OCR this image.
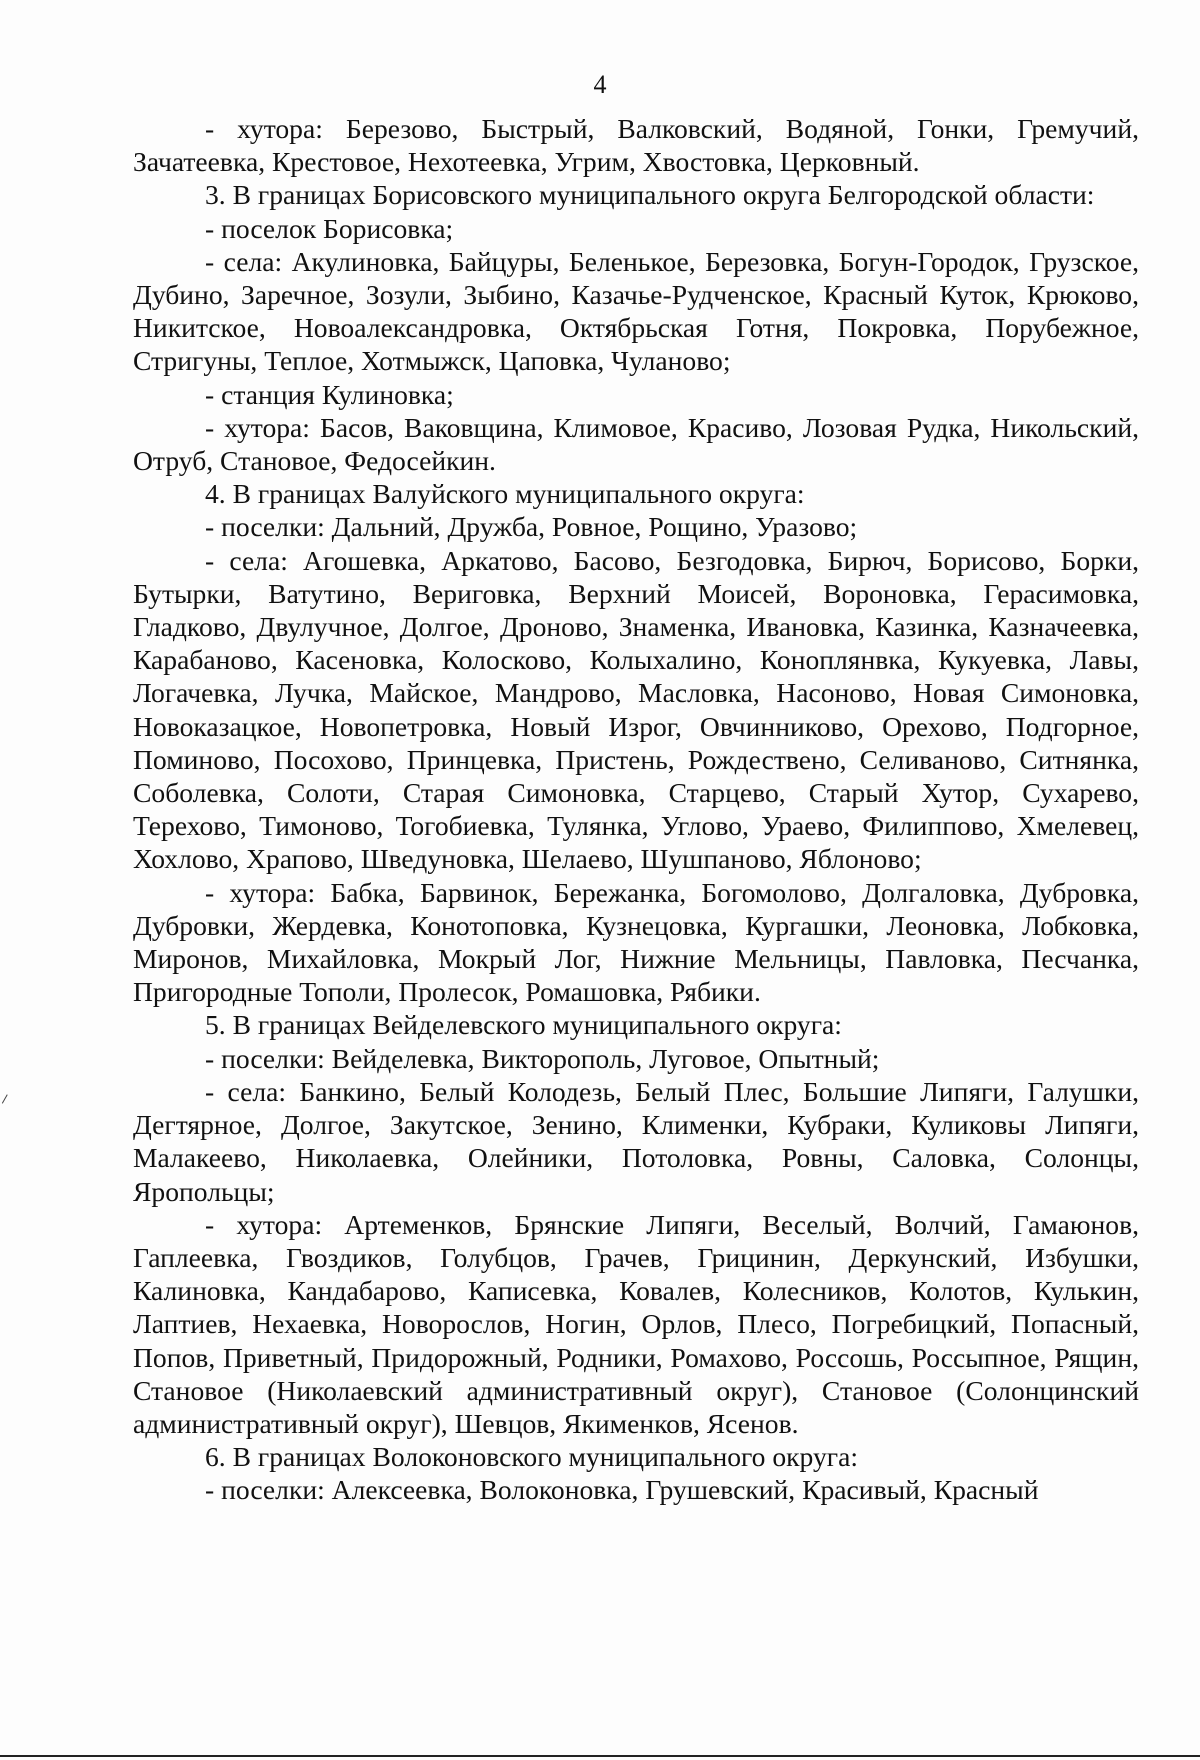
4

- хутора: Березово, Быстрый, Валковский, Водяной, Гонки, Гремучий, Зачатеевка, Крестовое, Нехотеевка, Угрим, Хвостовка, Церковный.

3. В границах Борисовского муниципального округа Белгородской области:

- поселок Борисовка;

- села: Акулиновка, Байцуры, Беленькое, Березовка, Богун-Городок, Грузское, Дубино, Заречное, Зозули, Зыбино, Казачье-Рудченское, Красный Куток, Крюково, Никитское, Новоалександровка, Октябрьская Готня, Покровка, Порубежное, Стригуны, Теплое, Хотмыжск, Цаповка, Чуланово;

- станция Кулиновка;

- хутора: Басов, Ваковщина, Климовое, Красиво, Лозовая Рудка, Никольский, Отруб, Становое, Федосейкин.

4. В границах Валуйского муниципального округа:

- поселки: Дальний, Дружба, Ровное, Рощино, Уразово;

- села: Агошевка, Аркатово, Басово, Безгодовка, Бирюч, Борисово, Борки, Бутырки, Ватутино, Вериговка, Верхний Моисей, Вороновка, Герасимовка, Гладково, Двулучное, Долгое, Дроново, Знаменка, Ивановка, Казинка, Казначеевка, Карабаново, Касеновка, Колосково, Колыхалино, Коноплянвка, Кукуевка, Лавы, Логачевка, Лучка, Майское, Мандрово, Масловка, Насоново, Новая Симоновка, Новоказацкое, Новопетровка, Новый Изрог, Овчинниково, Орехово, Подгорное, Поминово, Посохово, Принцевка, Пристень, Рождествено, Селиваново, Ситнянка, Соболевка, Солоти, Старая Симоновка, Старцево, Старый Хутор, Сухарево, Терехово, Тимоново, Тогобиевка, Тулянка, Углово, Ураево, Филиппово, Хмелевец, Хохлово, Храпово, Шведуновка, Шелаево, Шушпаново, Яблоново;

- хутора: Бабка, Барвинок, Бережанка, Богомолово, Долгаловка, Дубровка, Дубровки, Жердевка, Конотоповка, Кузнецовка, Кургашки, Леоновка, Лобковка, Миронов, Михайловка, Мокрый Лог, Нижние Мельницы, Павловка, Песчанка, Пригородные Тополи, Пролесок, Ромашовка, Рябики.

5. В границах Вейделевского муниципального округа:

- поселки: Вейделевка, Викторополь, Луговое, Опытный;

- села: Банкино, Белый Колодезь, Белый Плес, Большие Липяги, Галушки, Дегтярное, Долгое, Закутское, Зенино, Клименки, Кубраки, Куликовы Липяги, Малакеево, Николаевка, Олейники, Потоловка, Ровны, Саловка, Солонцы, Яропольцы;

- хутора: Артеменков, Брянские Липяги, Веселый, Волчий, Гамаюнов, Гаплеевка, Гвоздиков, Голубцов, Грачев, Грицинин, Деркунский, Избушки, Калиновка, Кандабарово, Каписевка, Ковалев, Колесников, Колотов, Кулькин, Лаптиев, Нехаевка, Новорослов, Ногин, Орлов, Плесо, Погребицкий, Попасный, Попов, Приветный, Придорожный, Родники, Ромахово, Россошь, Россыпное, Рящин, Становое (Николаевский административный округ), Становое (Солонцинский административный округ), Шевцов, Якименков, Ясенов.

6. В границах Волоконовского муниципального округа:

- поселки: Алексеевка, Волоконовка, Грушевский, Красивый, Красный
